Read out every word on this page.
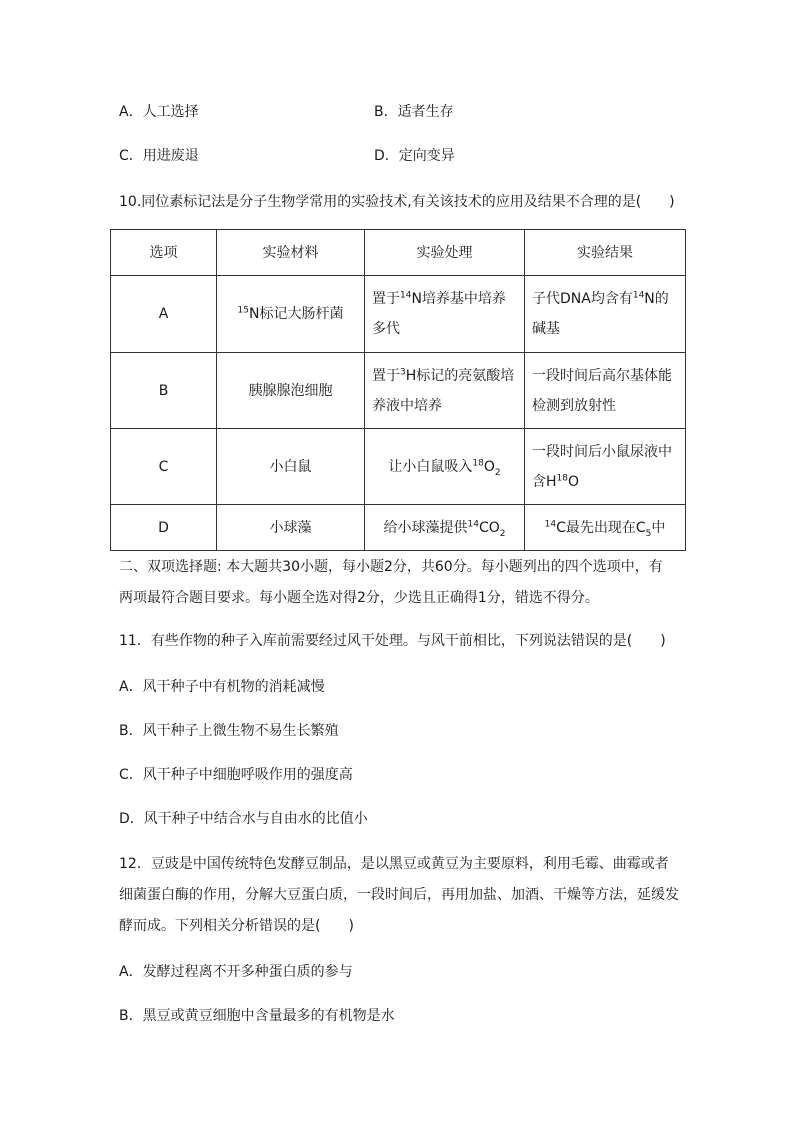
A．人工选择	B．适者生存
C．用进废退	D．定向变异
10.同位素标记法是分子生物学常用的实验技术,有关该技术的应用及结果不合理的是(　　)
选项	实验材料	实验处理	实验结果
A	$^{15}$N标记大肠杆菌	置于$^{14}$N培养基中培养多代	子代DNA均含有$^{14}$N的碱基
B	胰腺腺泡细胞	置于$^3$H标记的亮氨酸培养液中培养	一段时间后高尔基体能检测到放射性
C	小白鼠	让小白鼠吸入$^{18}O_2$	一段时间后小鼠尿液中含$H^{18}O$
D	小球藻	给小球藻提供$^{14}CO_2$	$^{14}$C最先出现在$C_5$中
二、双项选择题: 本大题共30小题，每小题2分，共60分。每小题列出的四个选项中，有
两项最符合题目要求。每小题全选对得2分，少选且正确得1分，错选不得分。
11．有些作物的种子入库前需要经过风干处理。与风干前相比，下列说法错误的是(　　)
A．风干种子中有机物的消耗减慢
B．风干种子上微生物不易生长繁殖
C．风干种子中细胞呼吸作用的强度高
D．风干种子中结合水与自由水的比值小
12．豆豉是中国传统特色发酵豆制品，是以黑豆或黄豆为主要原料，利用毛霉、曲霉或者
细菌蛋白酶的作用，分解大豆蛋白质，一段时间后，再用加盐、加酒、干燥等方法，延缓发
酵而成。下列相关分析错误的是(　　)
A．发酵过程离不开多种蛋白质的参与
B．黑豆或黄豆细胞中含量最多的有机物是水
